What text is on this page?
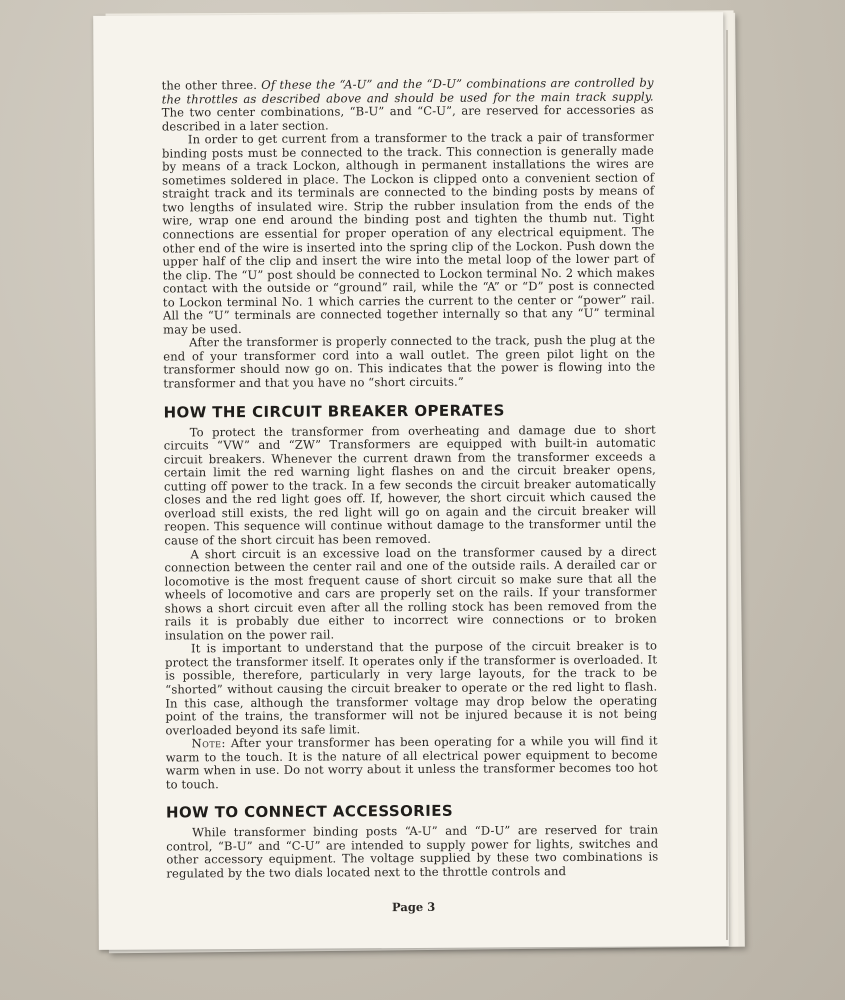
the other three. Of these the “A-U” and the “D-U” combinations are controlled by the throttles as described above and should be used for the main track supply. The two center combinations, “B-U” and “C-U”, are reserved for accessories as described in a later section.

In order to get current from a transformer to the track a pair of transformer binding posts must be connected to the track. This connection is generally made by means of a track Lockon, although in permanent installations the wires are sometimes soldered in place. The Lockon is clipped onto a convenient section of straight track and its terminals are connected to the binding posts by means of two lengths of insulated wire. Strip the rubber insulation from the ends of the wire, wrap one end around the binding post and tighten the thumb nut. Tight connections are essential for proper operation of any electrical equipment. The other end of the wire is inserted into the spring clip of the Lockon. Push down the upper half of the clip and insert the wire into the metal loop of the lower part of the clip. The “U” post should be connected to Lockon terminal No. 2 which makes contact with the outside or “ground” rail, while the “A” or “D” post is connected to Lockon terminal No. 1 which carries the current to the center or “power” rail. All the “U” terminals are connected together internally so that any “U” terminal may be used.

After the transformer is properly connected to the track, push the plug at the end of your transformer cord into a wall outlet. The green pilot light on the transformer should now go on. This indicates that the power is flowing into the transformer and that you have no “short circuits.”

HOW THE CIRCUIT BREAKER OPERATES

To protect the transformer from overheating and damage due to short circuits “VW” and “ZW” Transformers are equipped with built-in automatic circuit breakers. Whenever the current drawn from the transformer exceeds a certain limit the red warning light flashes on and the circuit breaker opens, cutting off power to the track. In a few seconds the circuit breaker automatically closes and the red light goes off. If, however, the short circuit which caused the overload still exists, the red light will go on again and the circuit breaker will reopen. This sequence will continue without damage to the transformer until the cause of the short circuit has been removed.

A short circuit is an excessive load on the transformer caused by a direct connection between the center rail and one of the outside rails. A derailed car or locomotive is the most frequent cause of short circuit so make sure that all the wheels of locomotive and cars are properly set on the rails. If your transformer shows a short circuit even after all the rolling stock has been removed from the rails it is probably due either to incorrect wire connections or to broken insulation on the power rail.

It is important to understand that the purpose of the circuit breaker is to protect the transformer itself. It operates only if the transformer is overloaded. It is possible, therefore, particularly in very large layouts, for the track to be “shorted” without causing the circuit breaker to operate or the red light to flash. In this case, although the transformer voltage may drop below the operating point of the trains, the transformer will not be injured because it is not being overloaded beyond its safe limit.

Note: After your transformer has been operating for a while you will find it warm to the touch. It is the nature of all electrical power equipment to become warm when in use. Do not worry about it unless the transformer becomes too hot to touch.

HOW TO CONNECT ACCESSORIES

While transformer binding posts “A-U” and “D-U” are reserved for train control, “B-U” and “C-U” are intended to supply power for lights, switches and other accessory equipment. The voltage supplied by these two combinations is regulated by the two dials located next to the throttle controls and

Page 3
